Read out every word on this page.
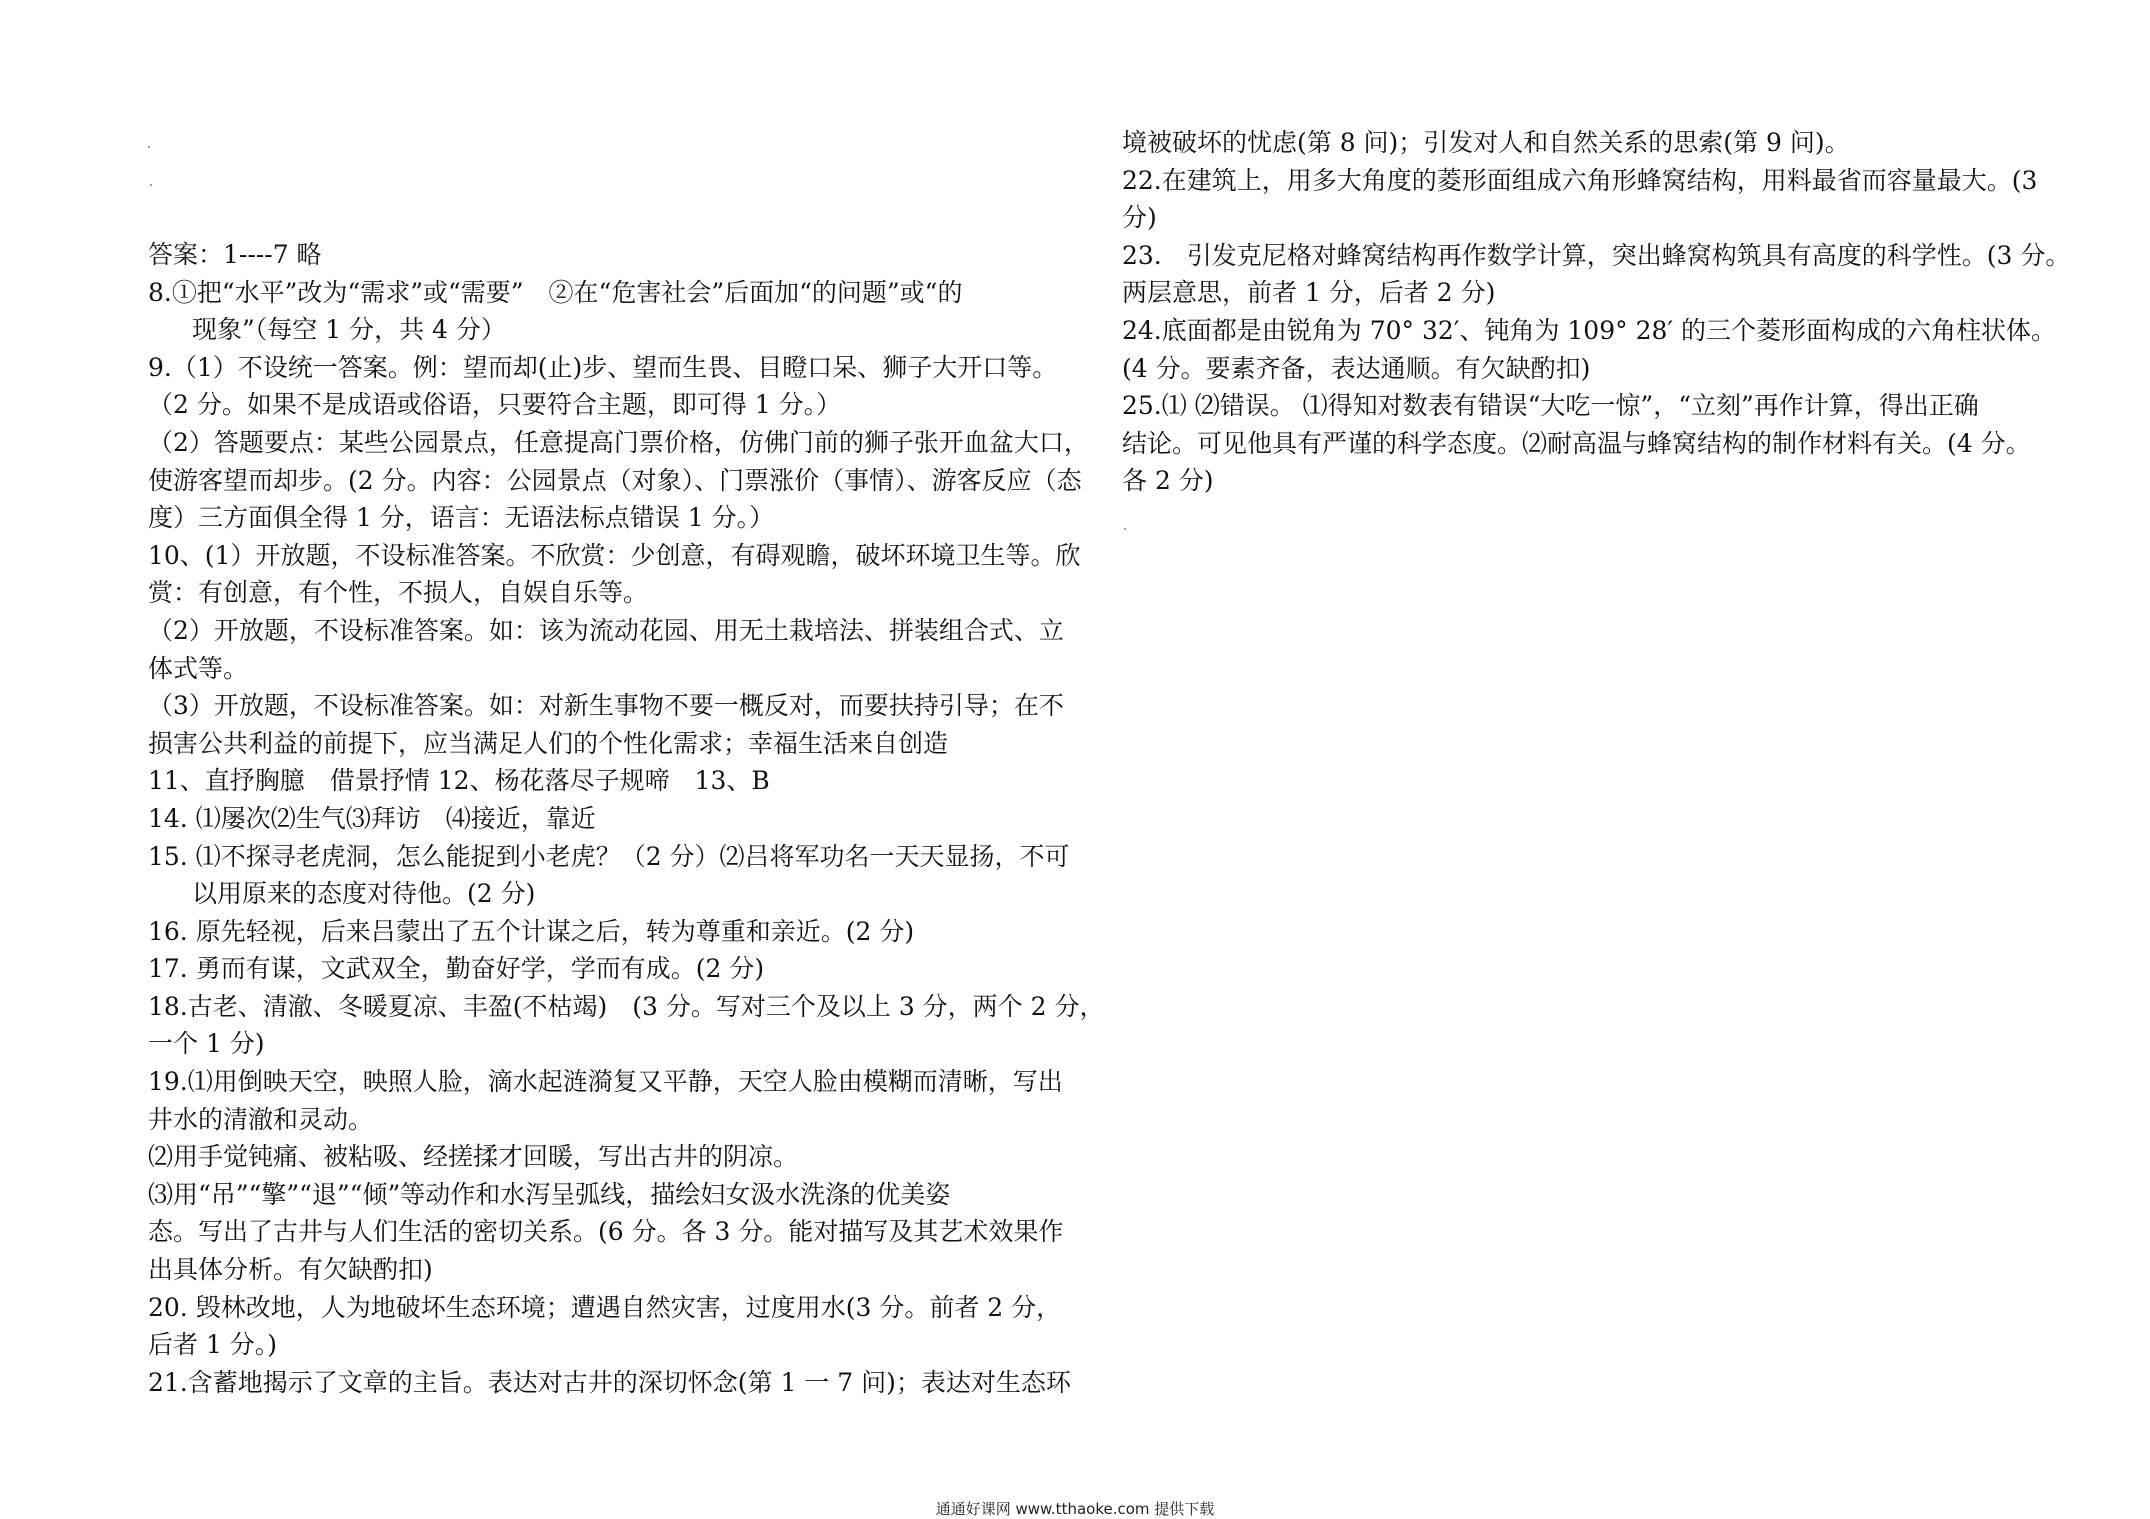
答案：1----7 略
8.①把“水平”改为“需求”或“需要”　②在“危害社会”后面加“的问题”或“的
现象”（每空 1 分，共 4 分）
9.（1）不设统一答案。例：望而却(止)步、望而生畏、目瞪口呆、狮子大开口等。
（2 分。如果不是成语或俗语，只要符合主题，即可得 1 分。）
（2）答题要点：某些公园景点，任意提高门票价格，仿佛门前的狮子张开血盆大口，
使游客望而却步。(2 分。内容：公园景点（对象）、门票涨价（事情）、游客反应（态
度）三方面俱全得 1 分，语言：无语法标点错误 1 分。）
10、(1）开放题，不设标准答案。不欣赏：少创意，有碍观瞻，破坏环境卫生等。欣
赏：有创意，有个性，不损人，自娱自乐等。
（2）开放题，不设标准答案。如：该为流动花园、用无土栽培法、拼装组合式、立
体式等。
（3）开放题，不设标准答案。如：对新生事物不要一概反对，而要扶持引导；在不
损害公共利益的前提下，应当满足人们的个性化需求；幸福生活来自创造
11、直抒胸臆　借景抒情 12、杨花落尽子规啼　13、B
14. ⑴屡次⑵生气⑶拜访　⑷接近，靠近
15. ⑴不探寻老虎洞，怎么能捉到小老虎？（2 分）⑵吕将军功名一天天显扬，不可
以用原来的态度对待他。(2 分)
16. 原先轻视，后来吕蒙出了五个计谋之后，转为尊重和亲近。(2 分)
17. 勇而有谋，文武双全，勤奋好学，学而有成。(2 分)
18.古老、清澈、冬暖夏凉、丰盈(不枯竭)　(3 分。写对三个及以上 3 分，两个 2 分，
一个 1 分)
19.⑴用倒映天空，映照人脸，滴水起涟漪复又平静，天空人脸由模糊而清晰，写出
井水的清澈和灵动。
⑵用手觉钝痛、被粘吸、经搓揉才回暖，写出古井的阴凉。
⑶用“吊”“擎”“退”“倾”等动作和水泻呈弧线，描绘妇女汲水洗涤的优美姿
态。写出了古井与人们生活的密切关系。(6 分。各 3 分。能对描写及其艺术效果作
出具体分析。有欠缺酌扣)
20. 毁林改地，人为地破坏生态环境；遭遇自然灾害，过度用水(3 分。前者 2 分，
后者 1 分。)
21.含蓄地揭示了文章的主旨。表达对古井的深切怀念(第 1 一 7 问)；表达对生态环
境被破坏的忧虑(第 8 问)；引发对人和自然关系的思索(第 9 问)。
22.在建筑上，用多大角度的菱形面组成六角形蜂窝结构，用料最省而容量最大。(3
分)
23.　引发克尼格对蜂窝结构再作数学计算，突出蜂窝构筑具有高度的科学性。(3 分。
两层意思，前者 1 分，后者 2 分)
24.底面都是由锐角为 70° 32′、钝角为 109° 28′ 的三个菱形面构成的六角柱状体。
(4 分。要素齐备，表达通顺。有欠缺酌扣)
25.⑴ ⑵错误。 ⑴得知对数表有错误“大吃一惊”，“立刻”再作计算，得出正确
结论。可见他具有严谨的科学态度。⑵耐高温与蜂窝结构的制作材料有关。(4 分。
各 2 分)
通通好课网 www.tthaoke.com 提供下载
